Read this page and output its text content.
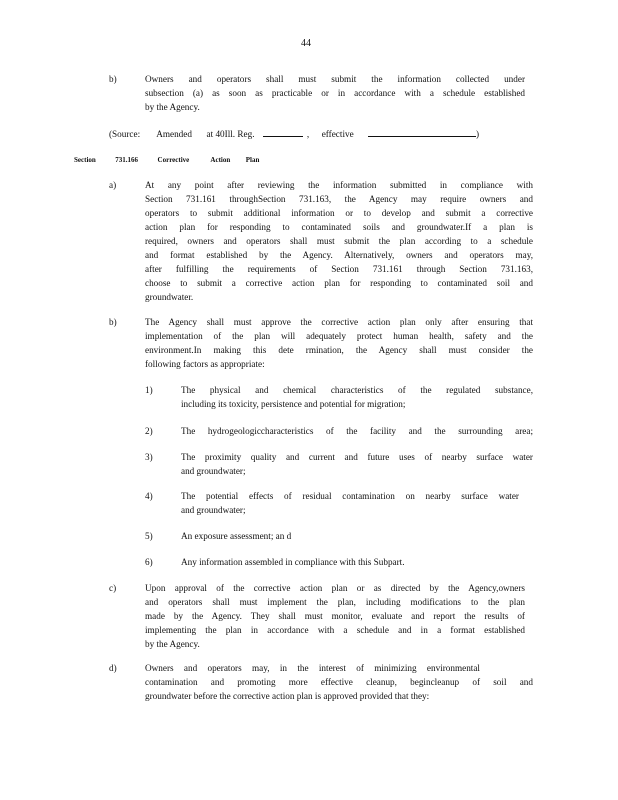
44
b)	Owners and operators shall must submit the information collected under
subsection (a) as soon as practicable or in accordance with a schedule established
by the Agency.
(Source: Amended at 40Ill. Reg.	, effective	)
Section	731.166	Corrective	Action Plan
a)	At any point after reviewing the information submitted in compliance with
Section 731.161 throughSection 731.163, the Agency may require owners and
operators to submit additional information or to develop and submit a corrective
action plan for responding to contaminated soils and groundwater.If a plan is
required, owners and operators shall must submit the plan according to a schedule
and format established by the Agency. Alternatively, owners and operators may,
after fulfilling the requirements of Section 731.161 through Section 731.163,
choose to submit a corrective action plan for responding to contaminated soil and
groundwater.
b)	The Agency shall must approve the corrective action plan only after ensuring that
implementation of the plan will adequately protect human health, safety and the
environment.In making this dete rmination, the Agency shall must consider the
following factors as appropriate:
1)	The physical and chemical characteristics of the regulated substance,
including its toxicity, persistence and potential for migration;
2)	The hydrogeologiccharacteristics of the facility and the surrounding area;
3)	The proximity quality and current and future uses of nearby surface water
and groundwater;
4)	The potential effects of residual contamination on nearby surface water
and groundwater;
5)	An exposure assessment; an d
6)	Any information assembled in compliance with this Subpart.
c)	Upon approval of the corrective action plan or as directed by the Agency,owners
and operators shall must implement the plan, including modifications to the plan
made by the Agency. They shall must monitor, evaluate and report the results of
implementing the plan in accordance with a schedule and in a format established
by the Agency.
d)	Owners and operators may, in the interest of minimizing environmental
contamination and promoting more effective cleanup, begincleanup of soil and
groundwater before the corrective action plan is approved provided that they:
